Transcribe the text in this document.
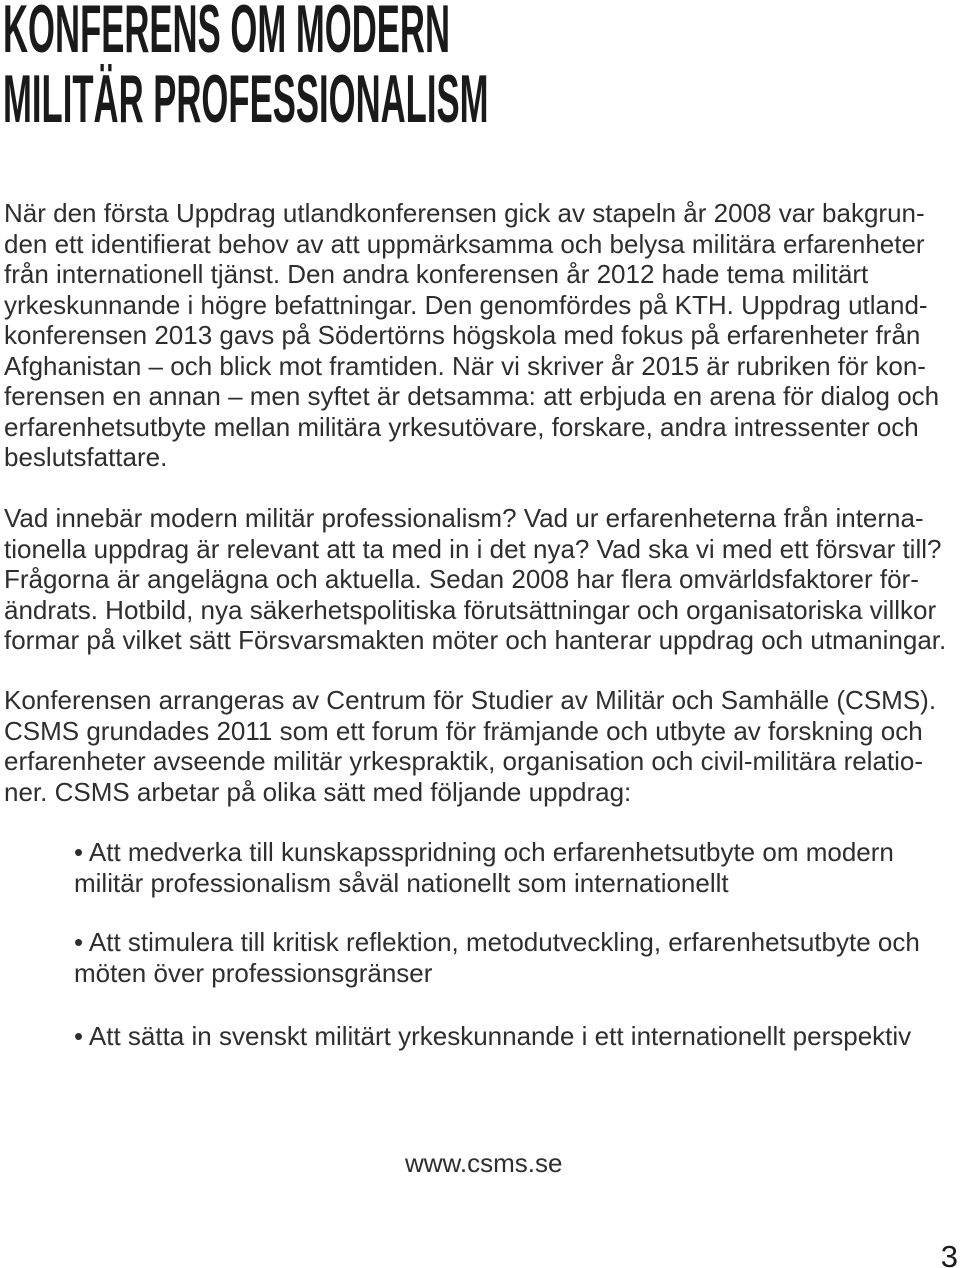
KONFERENS OM MODERN
MILITÄR PROFESSIONALISM
När den första Uppdrag utlandkonferensen gick av stapeln år 2008 var bakgrun-
den ett identifierat behov av att uppmärksamma och belysa militära erfarenheter
från internationell tjänst. Den andra konferensen år 2012 hade tema militärt
yrkeskunnande i högre befattningar. Den genomfördes på KTH. Uppdrag utland-
konferensen 2013 gavs på Södertörns högskola med fokus på erfarenheter från
Afghanistan – och blick mot framtiden. När vi skriver år 2015 är rubriken för kon-
ferensen en annan – men syftet är detsamma: att erbjuda en arena för dialog och
erfarenhetsutbyte mellan militära yrkesutövare, forskare, andra intressenter och
beslutsfattare.
Vad innebär modern militär professionalism? Vad ur erfarenheterna från interna-
tionella uppdrag är relevant att ta med in i det nya? Vad ska vi med ett försvar till?
Frågorna är angelägna och aktuella. Sedan 2008 har flera omvärldsfaktorer för-
ändrats. Hotbild, nya säkerhetspolitiska förutsättningar och organisatoriska villkor
formar på vilket sätt Försvarsmakten möter och hanterar uppdrag och utmaningar.
Konferensen arrangeras av Centrum för Studier av Militär och Samhälle (CSMS).
CSMS grundades 2011 som ett forum för främjande och utbyte av forskning och
erfarenheter avseende militär yrkespraktik, organisation och civil-militära relatio-
ner. CSMS arbetar på olika sätt med följande uppdrag:
• Att medverka till kunskapsspridning och erfarenhetsutbyte om modern
militär professionalism såväl nationellt som internationellt
• Att stimulera till kritisk reflektion, metodutveckling, erfarenhetsutbyte och
möten över professionsgränser
• Att sätta in svenskt militärt yrkeskunnande i ett internationellt perspektiv
www.csms.se
3
